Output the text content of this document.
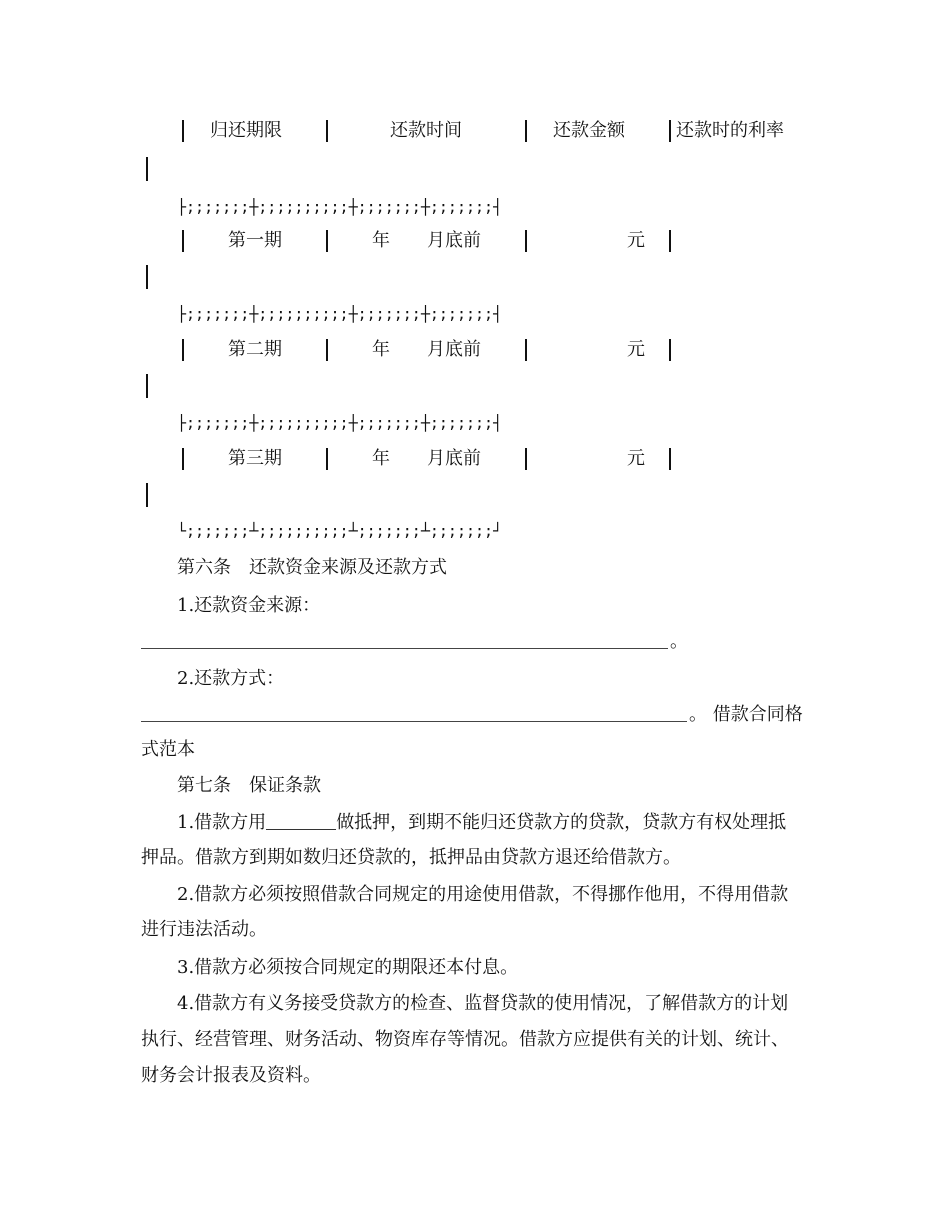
归还期限	还款时间	还款金额	还款时的利率
├;;;;;;;┼;;;;;;;;;;┼;;;;;;;┼;;;;;;;┤
第一期	年 月底前	元
├;;;;;;;┼;;;;;;;;;;┼;;;;;;;┼;;;;;;;┤
第二期	年 月底前	元
├;;;;;;;┼;;;;;;;;;;┼;;;;;;;┼;;;;;;;┤
第三期	年 月底前	元
└;;;;;;;┴;;;;;;;;;;┴;;;;;;;┴;;;;;;;┘
第六条　还款资金来源及还款方式
1.还款资金来源：
。
2.还款方式：
。 借款合同格
式范本
第七条　保证条款
1.借款方用	做抵押，到期不能归还贷款方的贷款，贷款方有权处理抵
押品。借款方到期如数归还贷款的，抵押品由贷款方退还给借款方。
2.借款方必须按照借款合同规定的用途使用借款，不得挪作他用，不得用借款
进行违法活动。
3.借款方必须按合同规定的期限还本付息。
4.借款方有义务接受贷款方的检查、监督贷款的使用情况，了解借款方的计划
执行、经营管理、财务活动、物资库存等情况。借款方应提供有关的计划、统计、
财务会计报表及资料。
